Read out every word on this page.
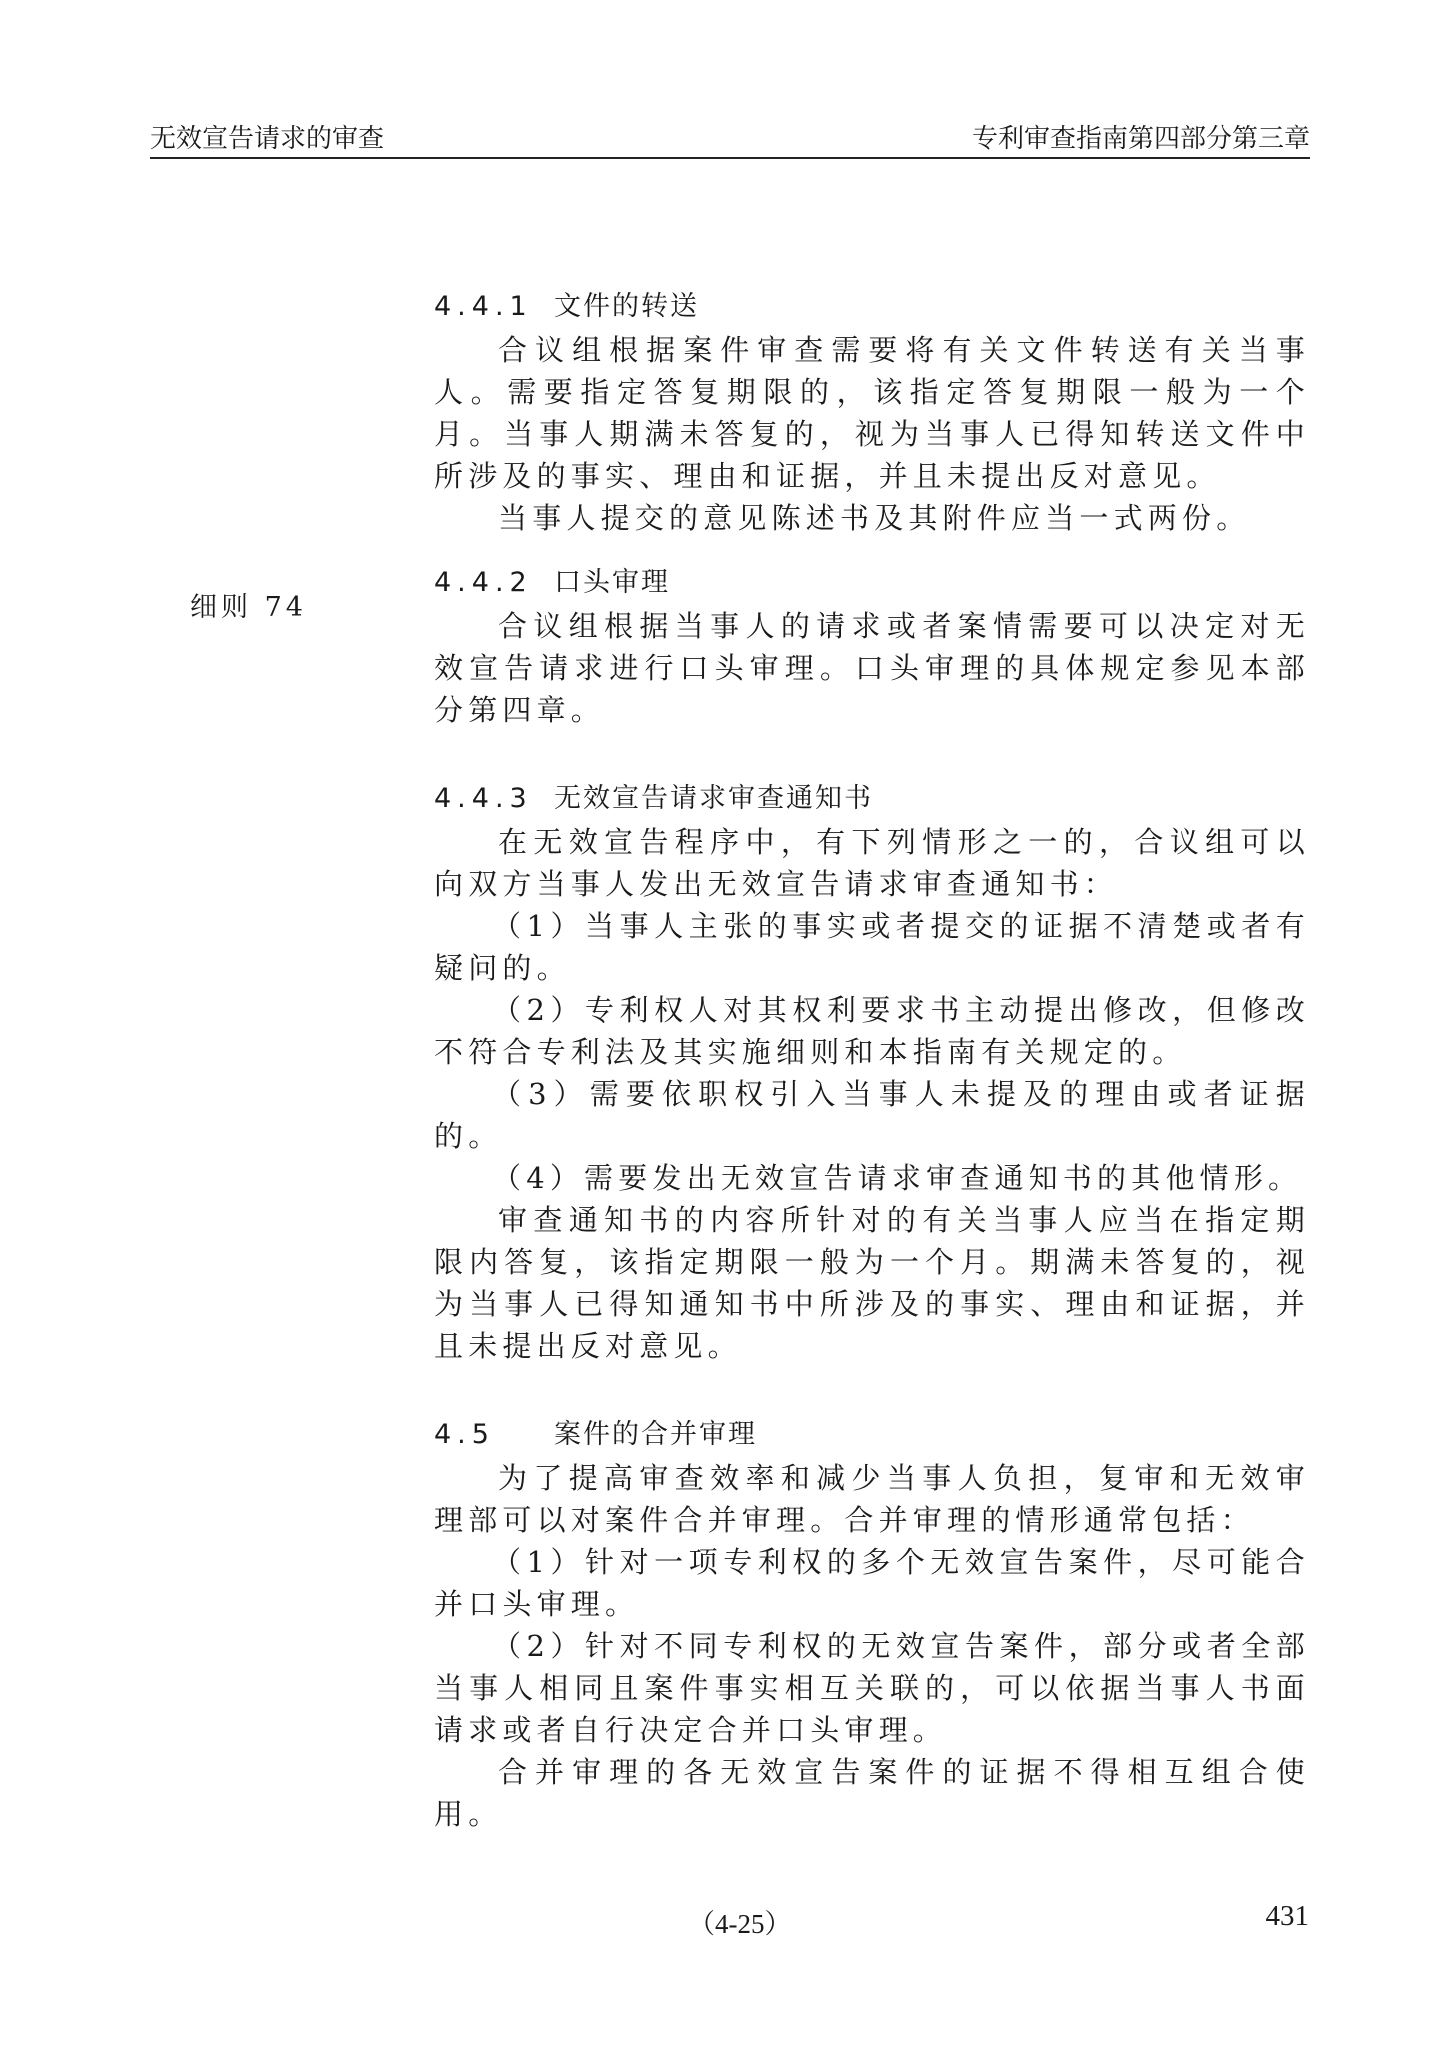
无效宣告请求的审查	专利审查指南第四部分第三章
细则 74
4.4.1 文件的转送

合议组根据案件审查需要将有关文件转送有关当事人。需要指定答复期限的，该指定答复期限一般为一个月。当事人期满未答复的，视为当事人已得知转送文件中所涉及的事实、理由和证据，并且未提出反对意见。

当事人提交的意见陈述书及其附件应当一式两份。

4.4.2 口头审理

合议组根据当事人的请求或者案情需要可以决定对无效宣告请求进行口头审理。口头审理的具体规定参见本部分第四章。

4.4.3 无效宣告请求审查通知书

在无效宣告程序中，有下列情形之一的，合议组可以向双方当事人发出无效宣告请求审查通知书：

（1）当事人主张的事实或者提交的证据不清楚或者有疑问的。

（2）专利权人对其权利要求书主动提出修改，但修改不符合专利法及其实施细则和本指南有关规定的。

（3）需要依职权引入当事人未提及的理由或者证据的。

（4）需要发出无效宣告请求审查通知书的其他情形。

审查通知书的内容所针对的有关当事人应当在指定期限内答复，该指定期限一般为一个月。期满未答复的，视为当事人已得知通知书中所涉及的事实、理由和证据，并且未提出反对意见。

4.5 案件的合并审理

为了提高审查效率和减少当事人负担，复审和无效审理部可以对案件合并审理。合并审理的情形通常包括：

（1）针对一项专利权的多个无效宣告案件，尽可能合并口头审理。

（2）针对不同专利权的无效宣告案件，部分或者全部当事人相同且案件事实相互关联的，可以依据当事人书面请求或者自行决定合并口头审理。

合并审理的各无效宣告案件的证据不得相互组合使用。

（4-25）	431
